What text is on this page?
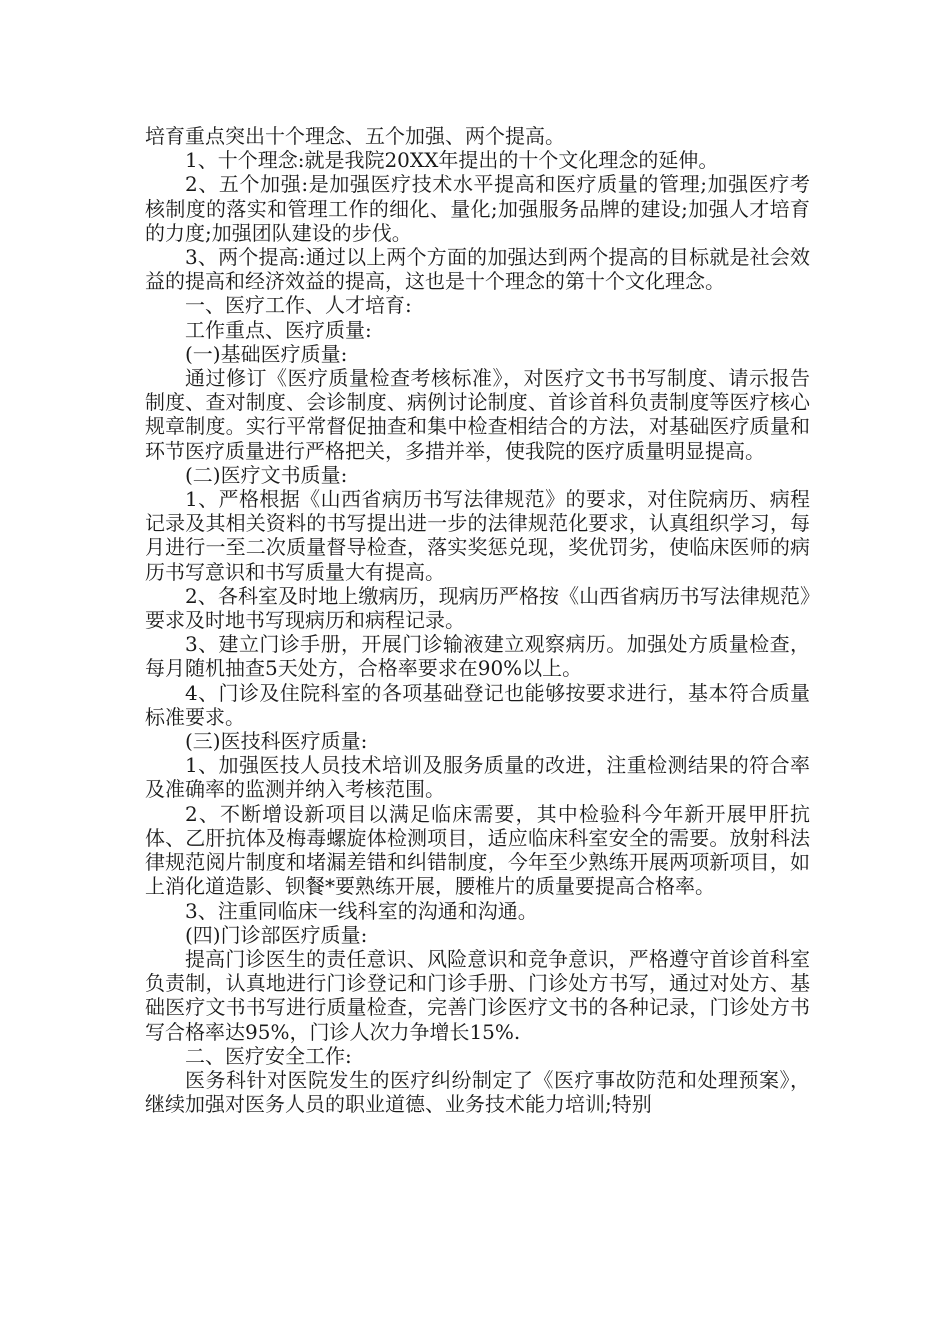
培育重点突出十个理念、五个加强、两个提高。

1、十个理念:就是我院20XX年提出的十个文化理念的延伸。

2、五个加强:是加强医疗技术水平提高和医疗质量的管理;加强医疗考核制度的落实和管理工作的细化、量化;加强服务品牌的建设;加强人才培育的力度;加强团队建设的步伐。

3、两个提高:通过以上两个方面的加强达到两个提高的目标就是社会效益的提高和经济效益的提高，这也是十个理念的第十个文化理念。

一、医疗工作、人才培育:

工作重点、医疗质量:

(一)基础医疗质量:

通过修订《医疗质量检查考核标准》，对医疗文书书写制度、请示报告制度、查对制度、会诊制度、病例讨论制度、首诊首科负责制度等医疗核心规章制度。实行平常督促抽查和集中检查相结合的方法，对基础医疗质量和环节医疗质量进行严格把关，多措并举，使我院的医疗质量明显提高。

(二)医疗文书质量:

1、严格根据《山西省病历书写法律规范》的要求，对住院病历、病程记录及其相关资料的书写提出进一步的法律规范化要求，认真组织学习，每月进行一至二次质量督导检查，落实奖惩兑现，奖优罚劣，使临床医师的病历书写意识和书写质量大有提高。

2、各科室及时地上缴病历，现病历严格按《山西省病历书写法律规范》要求及时地书写现病历和病程记录。

3、建立门诊手册，开展门诊输液建立观察病历。加强处方质量检查，每月随机抽查5天处方，合格率要求在90%以上。

4、门诊及住院科室的各项基础登记也能够按要求进行，基本符合质量标准要求。

(三)医技科医疗质量:

1、加强医技人员技术培训及服务质量的改进，注重检测结果的符合率及准确率的监测并纳入考核范围。

2、不断增设新项目以满足临床需要，其中检验科今年新开展甲肝抗体、乙肝抗体及梅毒螺旋体检测项目，适应临床科室安全的需要。放射科法律规范阅片制度和堵漏差错和纠错制度，今年至少熟练开展两项新项目，如上消化道造影、钡餐*要熟练开展，腰椎片的质量要提高合格率。

3、注重同临床一线科室的沟通和沟通。

(四)门诊部医疗质量:

提高门诊医生的责任意识、风险意识和竞争意识，严格遵守首诊首科室负责制，认真地进行门诊登记和门诊手册、门诊处方书写，通过对处方、基础医疗文书书写进行质量检查，完善门诊医疗文书的各种记录，门诊处方书写合格率达95%，门诊人次力争增长15%.

二、医疗安全工作:

医务科针对医院发生的医疗纠纷制定了《医疗事故防范和处理预案》，继续加强对医务人员的职业道德、业务技术能力培训;特别
